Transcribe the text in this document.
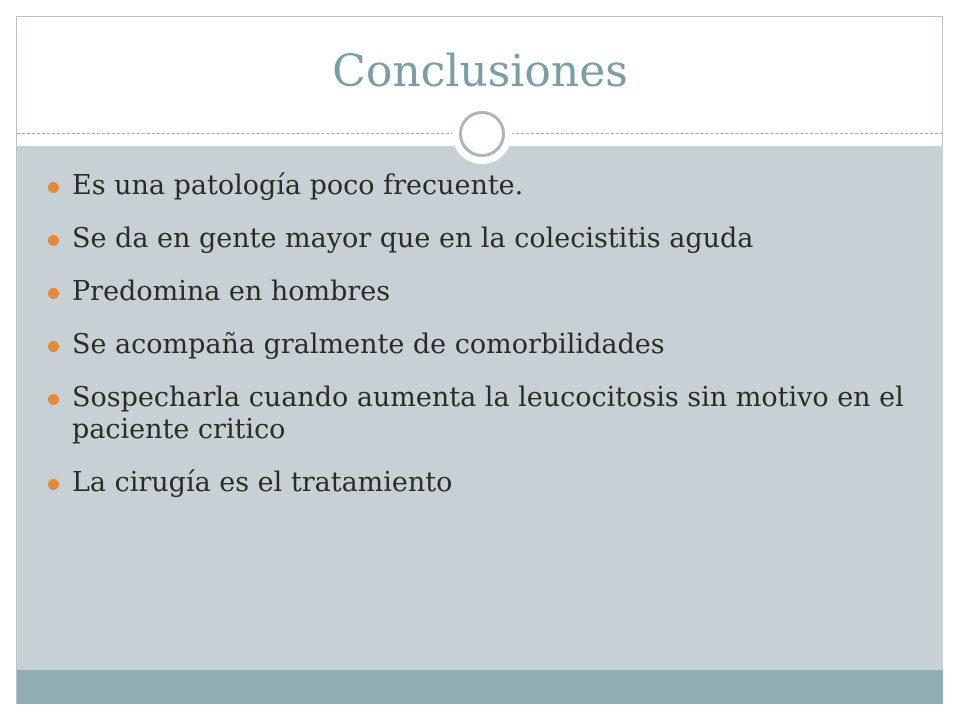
Conclusiones
Es una patología poco frecuente.
Se da en gente mayor que en la colecistitis aguda
Predomina en hombres
Se acompaña gralmente de comorbilidades
Sospecharla cuando aumenta la leucocitosis sin motivo en el paciente critico
La cirugía es el tratamiento
